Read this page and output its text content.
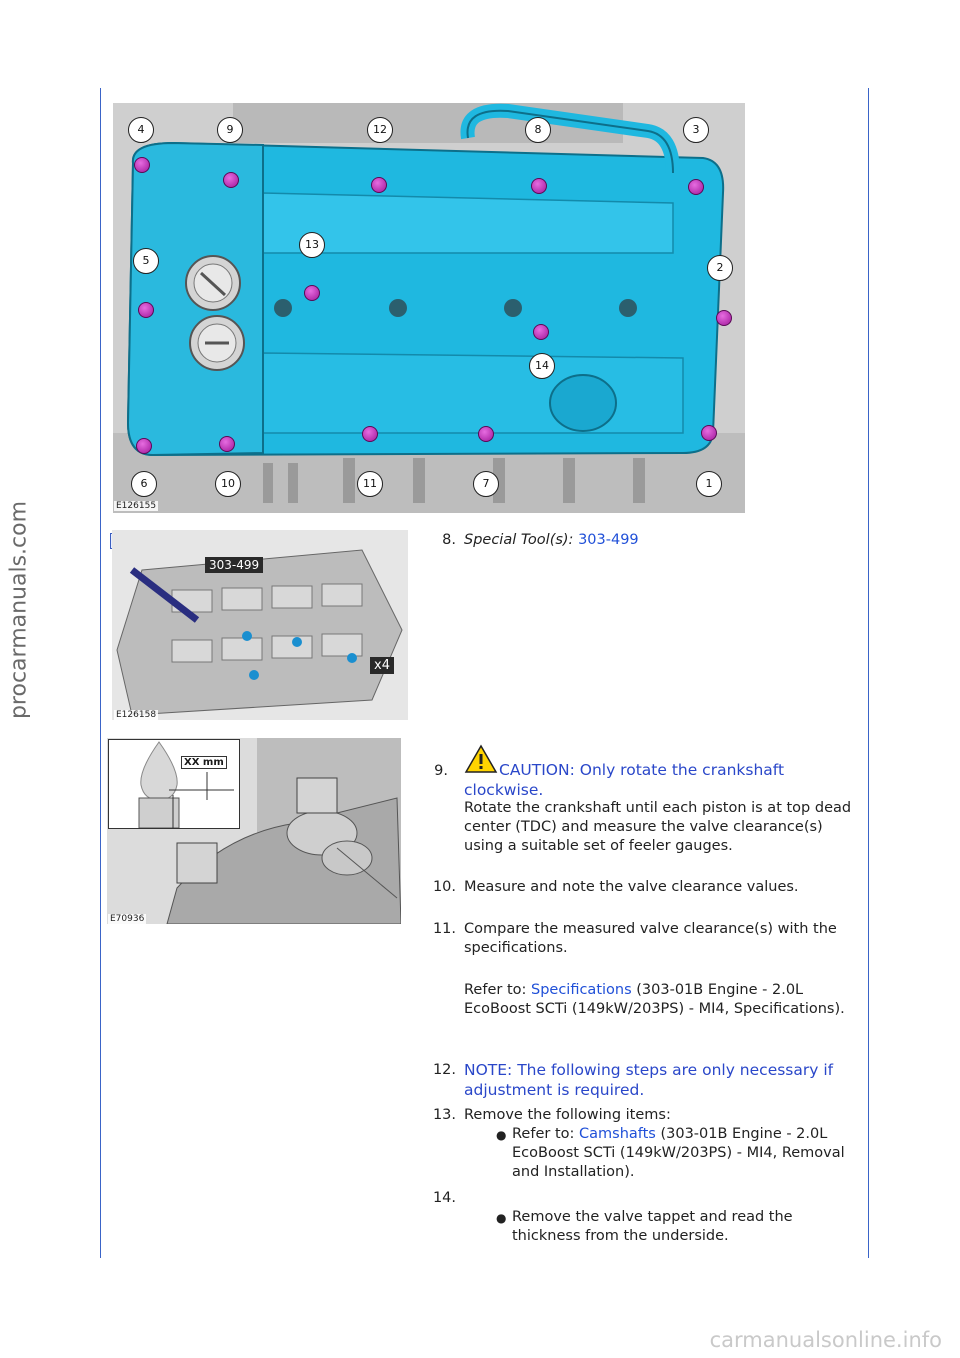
procarmanuals.com
4	9	12	8	3
5
13
2
14
6	10	11	7	1
E126155
303-499
x4
E126158
XX mm
E70936
8. Special Tool(s): 303-499
9.	CAUTION: Only rotate the crankshaft clockwise.
Rotate the crankshaft until each piston is at top dead center (TDC) and measure the valve clearance(s) using a suitable set of feeler gauges.
10. Measure and note the valve clearance values.
11. Compare the measured valve clearance(s) with the specifications.
Refer to: Specifications (303-01B Engine - 2.0L EcoBoost SCTi (149kW/203PS) - MI4, Specifications).
12. NOTE: The following steps are only necessary if adjustment is required.
13. Remove the following items:
● Refer to: Camshafts (303-01B Engine - 2.0L EcoBoost SCTi (149kW/203PS) - MI4, Removal and Installation).
14.
● Remove the valve tappet and read the thickness from the underside.
carmanualsonline.info
